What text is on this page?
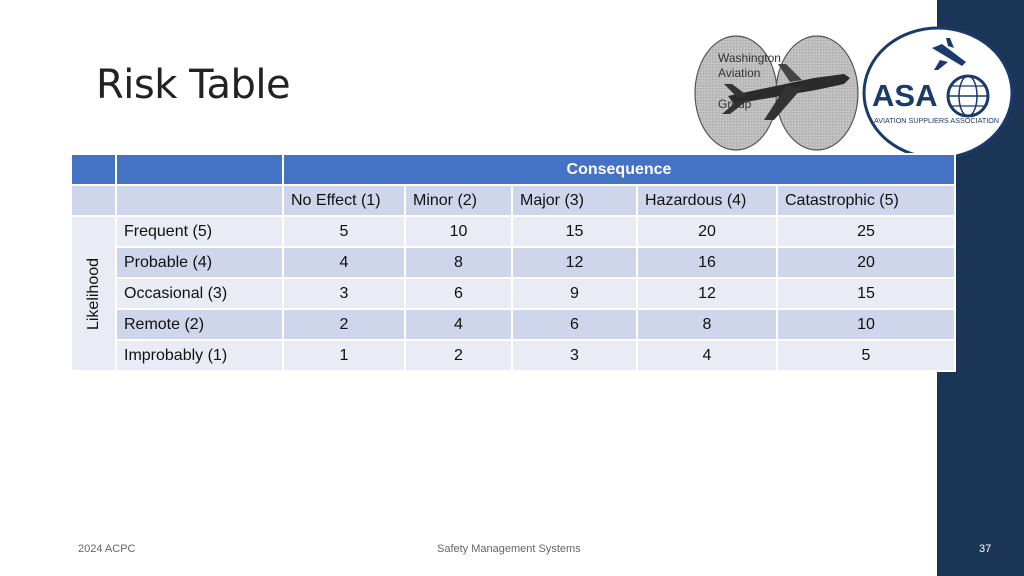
Risk Table
Washington
Aviation
Group	ASA
AVIATION SUPPLIERS ASSOCIATION
		Consequence				
		No Effect (1)	Minor (2)	Major (3)	Hazardous (4)	Catastrophic (5)

Likelihood	Frequent (5)	5	10	15	20	25
	Probable (4)	4	8	12	16	20
	Occasional (3)	3	6	9	12	15
	Remote (2)	2	4	6	8	10
	Improbably (1)	1	2	3	4	5
2024 ACPC	Safety Management Systems	37
